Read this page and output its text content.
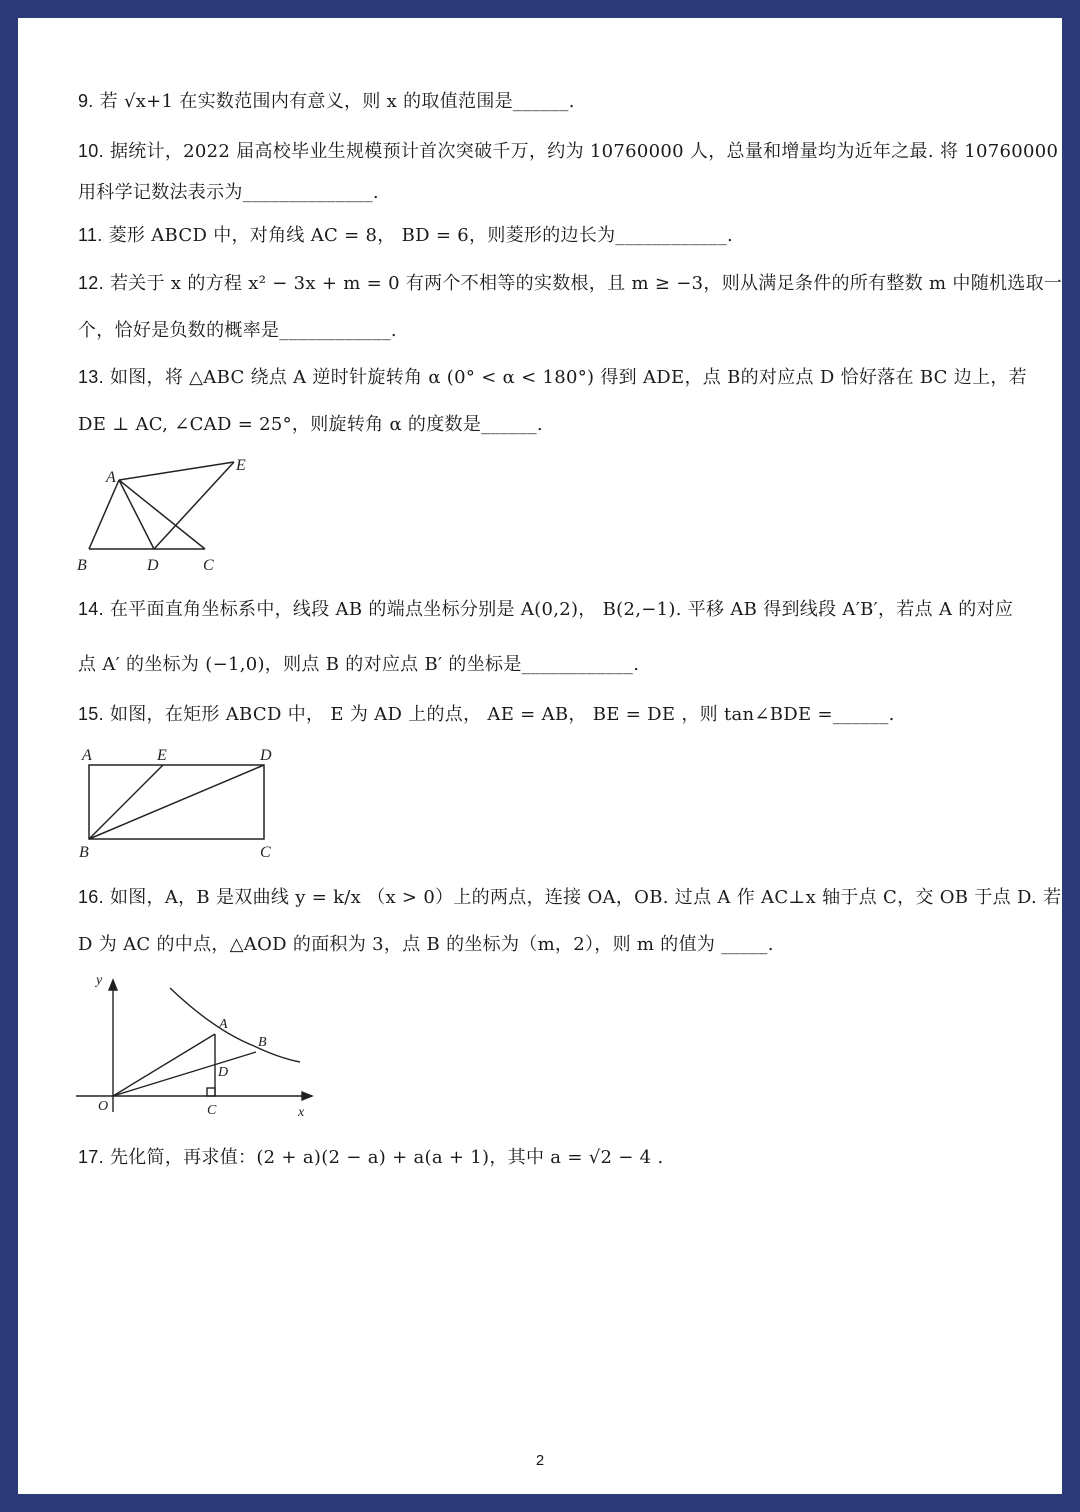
9. 若 √x+1 在实数范围内有意义，则 x 的取值范围是______.
10. 据统计，2022 届高校毕业生规模预计首次突破千万，约为 10760000 人，总量和增量均为近年之最. 将 10760000
用科学记数法表示为______________.
11. 菱形 ABCD 中，对角线 AC = 8， BD = 6，则菱形的边长为____________.
12. 若关于 x 的方程 x² − 3x + m = 0 有两个不相等的实数根，且 m ≥ −3，则从满足条件的所有整数 m 中随机选取一
个，恰好是负数的概率是____________.
13. 如图，将 △ABC 绕点 A 逆时针旋转角 α (0° < α < 180°) 得到 ADE，点 B的对应点 D 恰好落在 BC 边上，若
DE ⊥ AC, ∠CAD = 25°，则旋转角 α 的度数是______.
A
E
B	D	C
14. 在平面直角坐标系中，线段 AB 的端点坐标分别是 A(0,2)， B(2,−1). 平移 AB 得到线段 A′B′，若点 A 的对应
点 A′ 的坐标为 (−1,0)，则点 B 的对应点 B′ 的坐标是____________.
15. 如图，在矩形 ABCD 中， E 为 AD 上的点， AE = AB， BE = DE ，则 tan∠BDE =______.
A	E	D
B	C
16. 如图，A，B 是双曲线 y = k/x （x > 0）上的两点，连接 OA，OB. 过点 A 作 AC⊥x 轴于点 C，交 OB 于点 D. 若
D 为 AC 的中点，△AOD 的面积为 3，点 B 的坐标为（m，2），则 m 的值为 _____.
y
A
B
D
O	C	x
17. 先化简，再求值：(2 + a)(2 − a) + a(a + 1)，其中 a = √2 − 4 .
2
